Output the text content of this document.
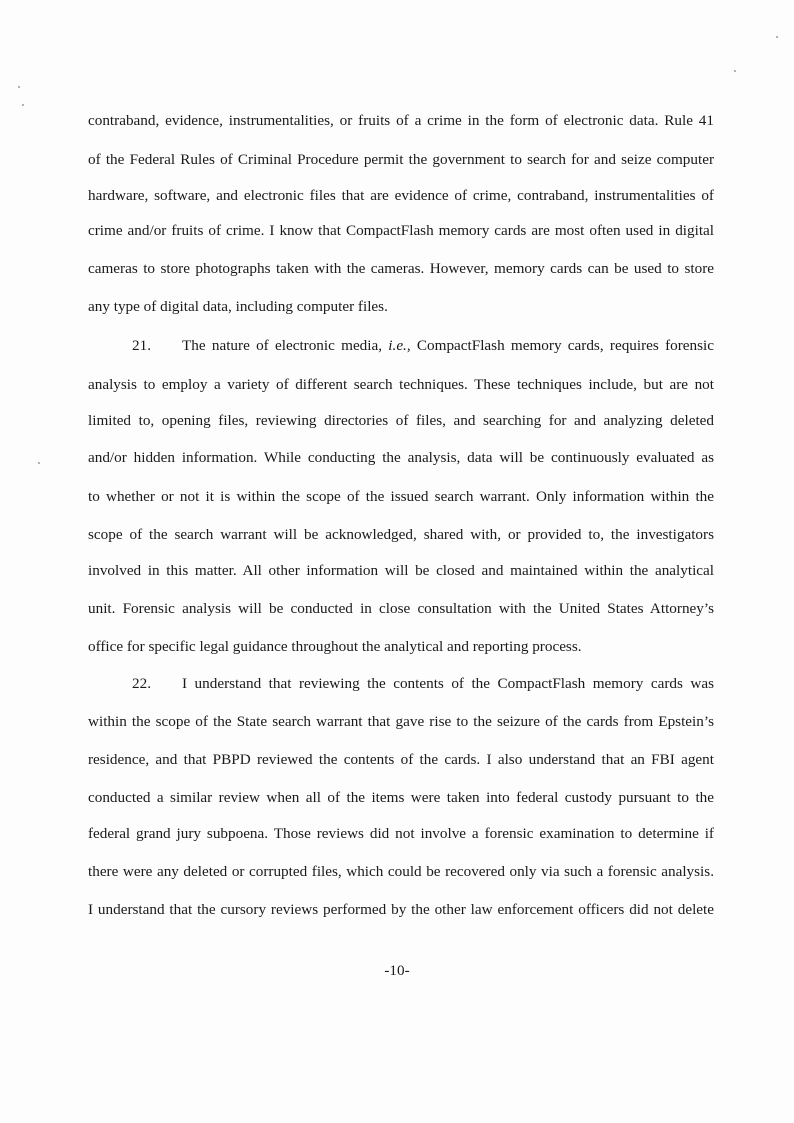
contraband, evidence, instrumentalities, or fruits of a crime in the form of electronic data. Rule 41
of the Federal Rules of Criminal Procedure permit the government to search for and seize computer
hardware, software, and electronic files that are evidence of crime, contraband, instrumentalities of
crime and/or fruits of crime. I know that CompactFlash memory cards are most often used in digital
cameras to store photographs taken with the cameras. However, memory cards can be used to store
any type of digital data, including computer files.
21. The nature of electronic media, i.e., CompactFlash memory cards, requires forensic
analysis to employ a variety of different search techniques. These techniques include, but are not
limited to, opening files, reviewing directories of files, and searching for and analyzing deleted
and/or hidden information. While conducting the analysis, data will be continuously evaluated as
to whether or not it is within the scope of the issued search warrant. Only information within the
scope of the search warrant will be acknowledged, shared with, or provided to, the investigators
involved in this matter. All other information will be closed and maintained within the analytical
unit. Forensic analysis will be conducted in close consultation with the United States Attorney’s
office for specific legal guidance throughout the analytical and reporting process.
22. I understand that reviewing the contents of the CompactFlash memory cards was
within the scope of the State search warrant that gave rise to the seizure of the cards from Epstein’s
residence, and that PBPD reviewed the contents of the cards. I also understand that an FBI agent
conducted a similar review when all of the items were taken into federal custody pursuant to the
federal grand jury subpoena. Those reviews did not involve a forensic examination to determine if
there were any deleted or corrupted files, which could be recovered only via such a forensic analysis.
I understand that the cursory reviews performed by the other law enforcement officers did not delete
-10-
